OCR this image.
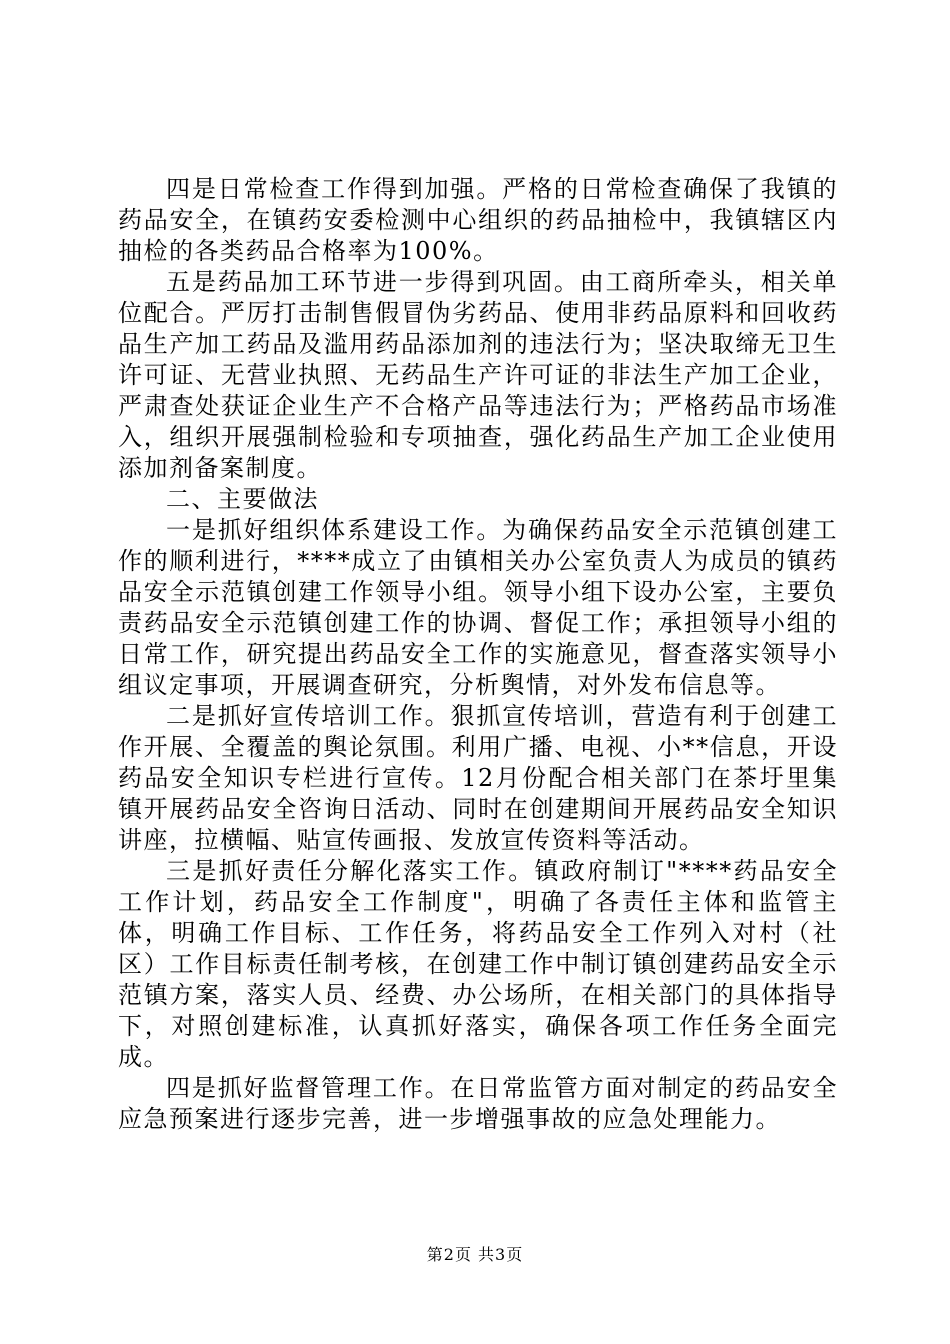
四是日常检查工作得到加强。严格的日常检查确保了我镇的药品安全，在镇药安委检测中心组织的药品抽检中，我镇辖区内抽检的各类药品合格率为100%。

五是药品加工环节进一步得到巩固。由工商所牵头，相关单位配合。严厉打击制售假冒伪劣药品、使用非药品原料和回收药品生产加工药品及滥用药品添加剂的违法行为；坚决取缔无卫生许可证、无营业执照、无药品生产许可证的非法生产加工企业，严肃查处获证企业生产不合格产品等违法行为；严格药品市场准入，组织开展强制检验和专项抽查，强化药品生产加工企业使用添加剂备案制度。

二、主要做法

一是抓好组织体系建设工作。为确保药品安全示范镇创建工作的顺利进行，****成立了由镇相关办公室负责人为成员的镇药品安全示范镇创建工作领导小组。领导小组下设办公室，主要负责药品安全示范镇创建工作的协调、督促工作；承担领导小组的日常工作，研究提出药品安全工作的实施意见，督查落实领导小组议定事项，开展调查研究，分析舆情，对外发布信息等。

二是抓好宣传培训工作。狠抓宣传培训，营造有利于创建工作开展、全覆盖的舆论氛围。利用广播、电视、小**信息，开设药品安全知识专栏进行宣传。12月份配合相关部门在茶圩里集镇开展药品安全咨询日活动、同时在创建期间开展药品安全知识讲座，拉横幅、贴宣传画报、发放宣传资料等活动。

三是抓好责任分解化落实工作。镇政府制订"****药品安全工作计划，药品安全工作制度"，明确了各责任主体和监管主体，明确工作目标、工作任务，将药品安全工作列入对村（社区）工作目标责任制考核，在创建工作中制订镇创建药品安全示范镇方案，落实人员、经费、办公场所，在相关部门的具体指导下，对照创建标准，认真抓好落实，确保各项工作任务全面完成。

四是抓好监督管理工作。在日常监管方面对制定的药品安全应急预案进行逐步完善，进一步增强事故的应急处理能力。

第2页 共3页
